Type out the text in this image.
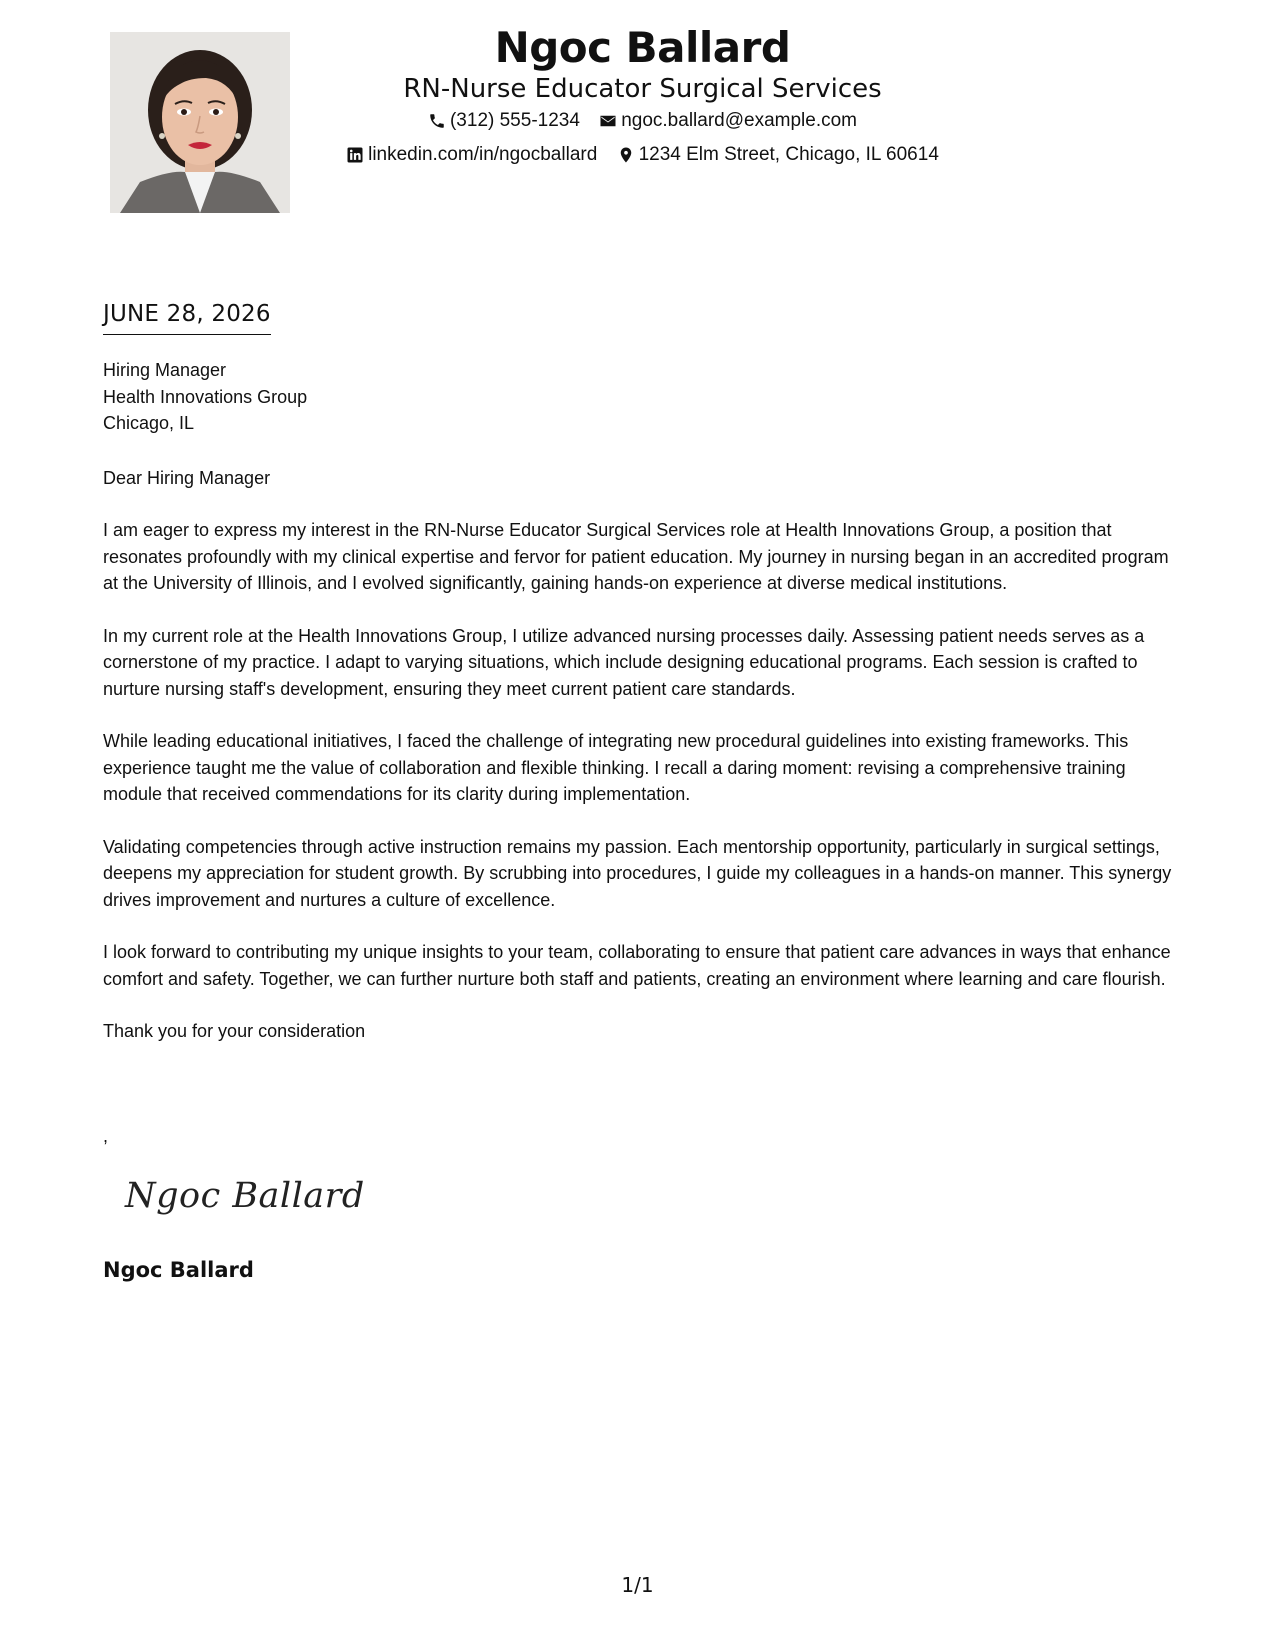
Ngoc Ballard
RN-Nurse Educator Surgical Services
(312) 555-1234
ngoc.ballard@example.com
linkedin.com/in/ngocballard
1234 Elm Street, Chicago, IL 60614
JUNE 28, 2026
Hiring Manager
Health Innovations Group
Chicago, IL
Dear Hiring Manager
I am eager to express my interest in the RN-Nurse Educator Surgical Services role at Health Innovations Group, a position that resonates profoundly with my clinical expertise and fervor for patient education. My journey in nursing began in an accredited program at the University of Illinois, and I evolved significantly, gaining hands-on experience at diverse medical institutions.
In my current role at the Health Innovations Group, I utilize advanced nursing processes daily. Assessing patient needs serves as a cornerstone of my practice. I adapt to varying situations, which include designing educational programs. Each session is crafted to nurture nursing staff's development, ensuring they meet current patient care standards.
While leading educational initiatives, I faced the challenge of integrating new procedural guidelines into existing frameworks. This experience taught me the value of collaboration and flexible thinking. I recall a daring moment: revising a comprehensive training module that received commendations for its clarity during implementation.
Validating competencies through active instruction remains my passion. Each mentorship opportunity, particularly in surgical settings, deepens my appreciation for student growth. By scrubbing into procedures, I guide my colleagues in a hands-on manner. This synergy drives improvement and nurtures a culture of excellence.
I look forward to contributing my unique insights to your team, collaborating to ensure that patient care advances in ways that enhance comfort and safety. Together, we can further nurture both staff and patients, creating an environment where learning and care flourish.
Thank you for your consideration
,
Ngoc Ballard
Ngoc Ballard
1/1
